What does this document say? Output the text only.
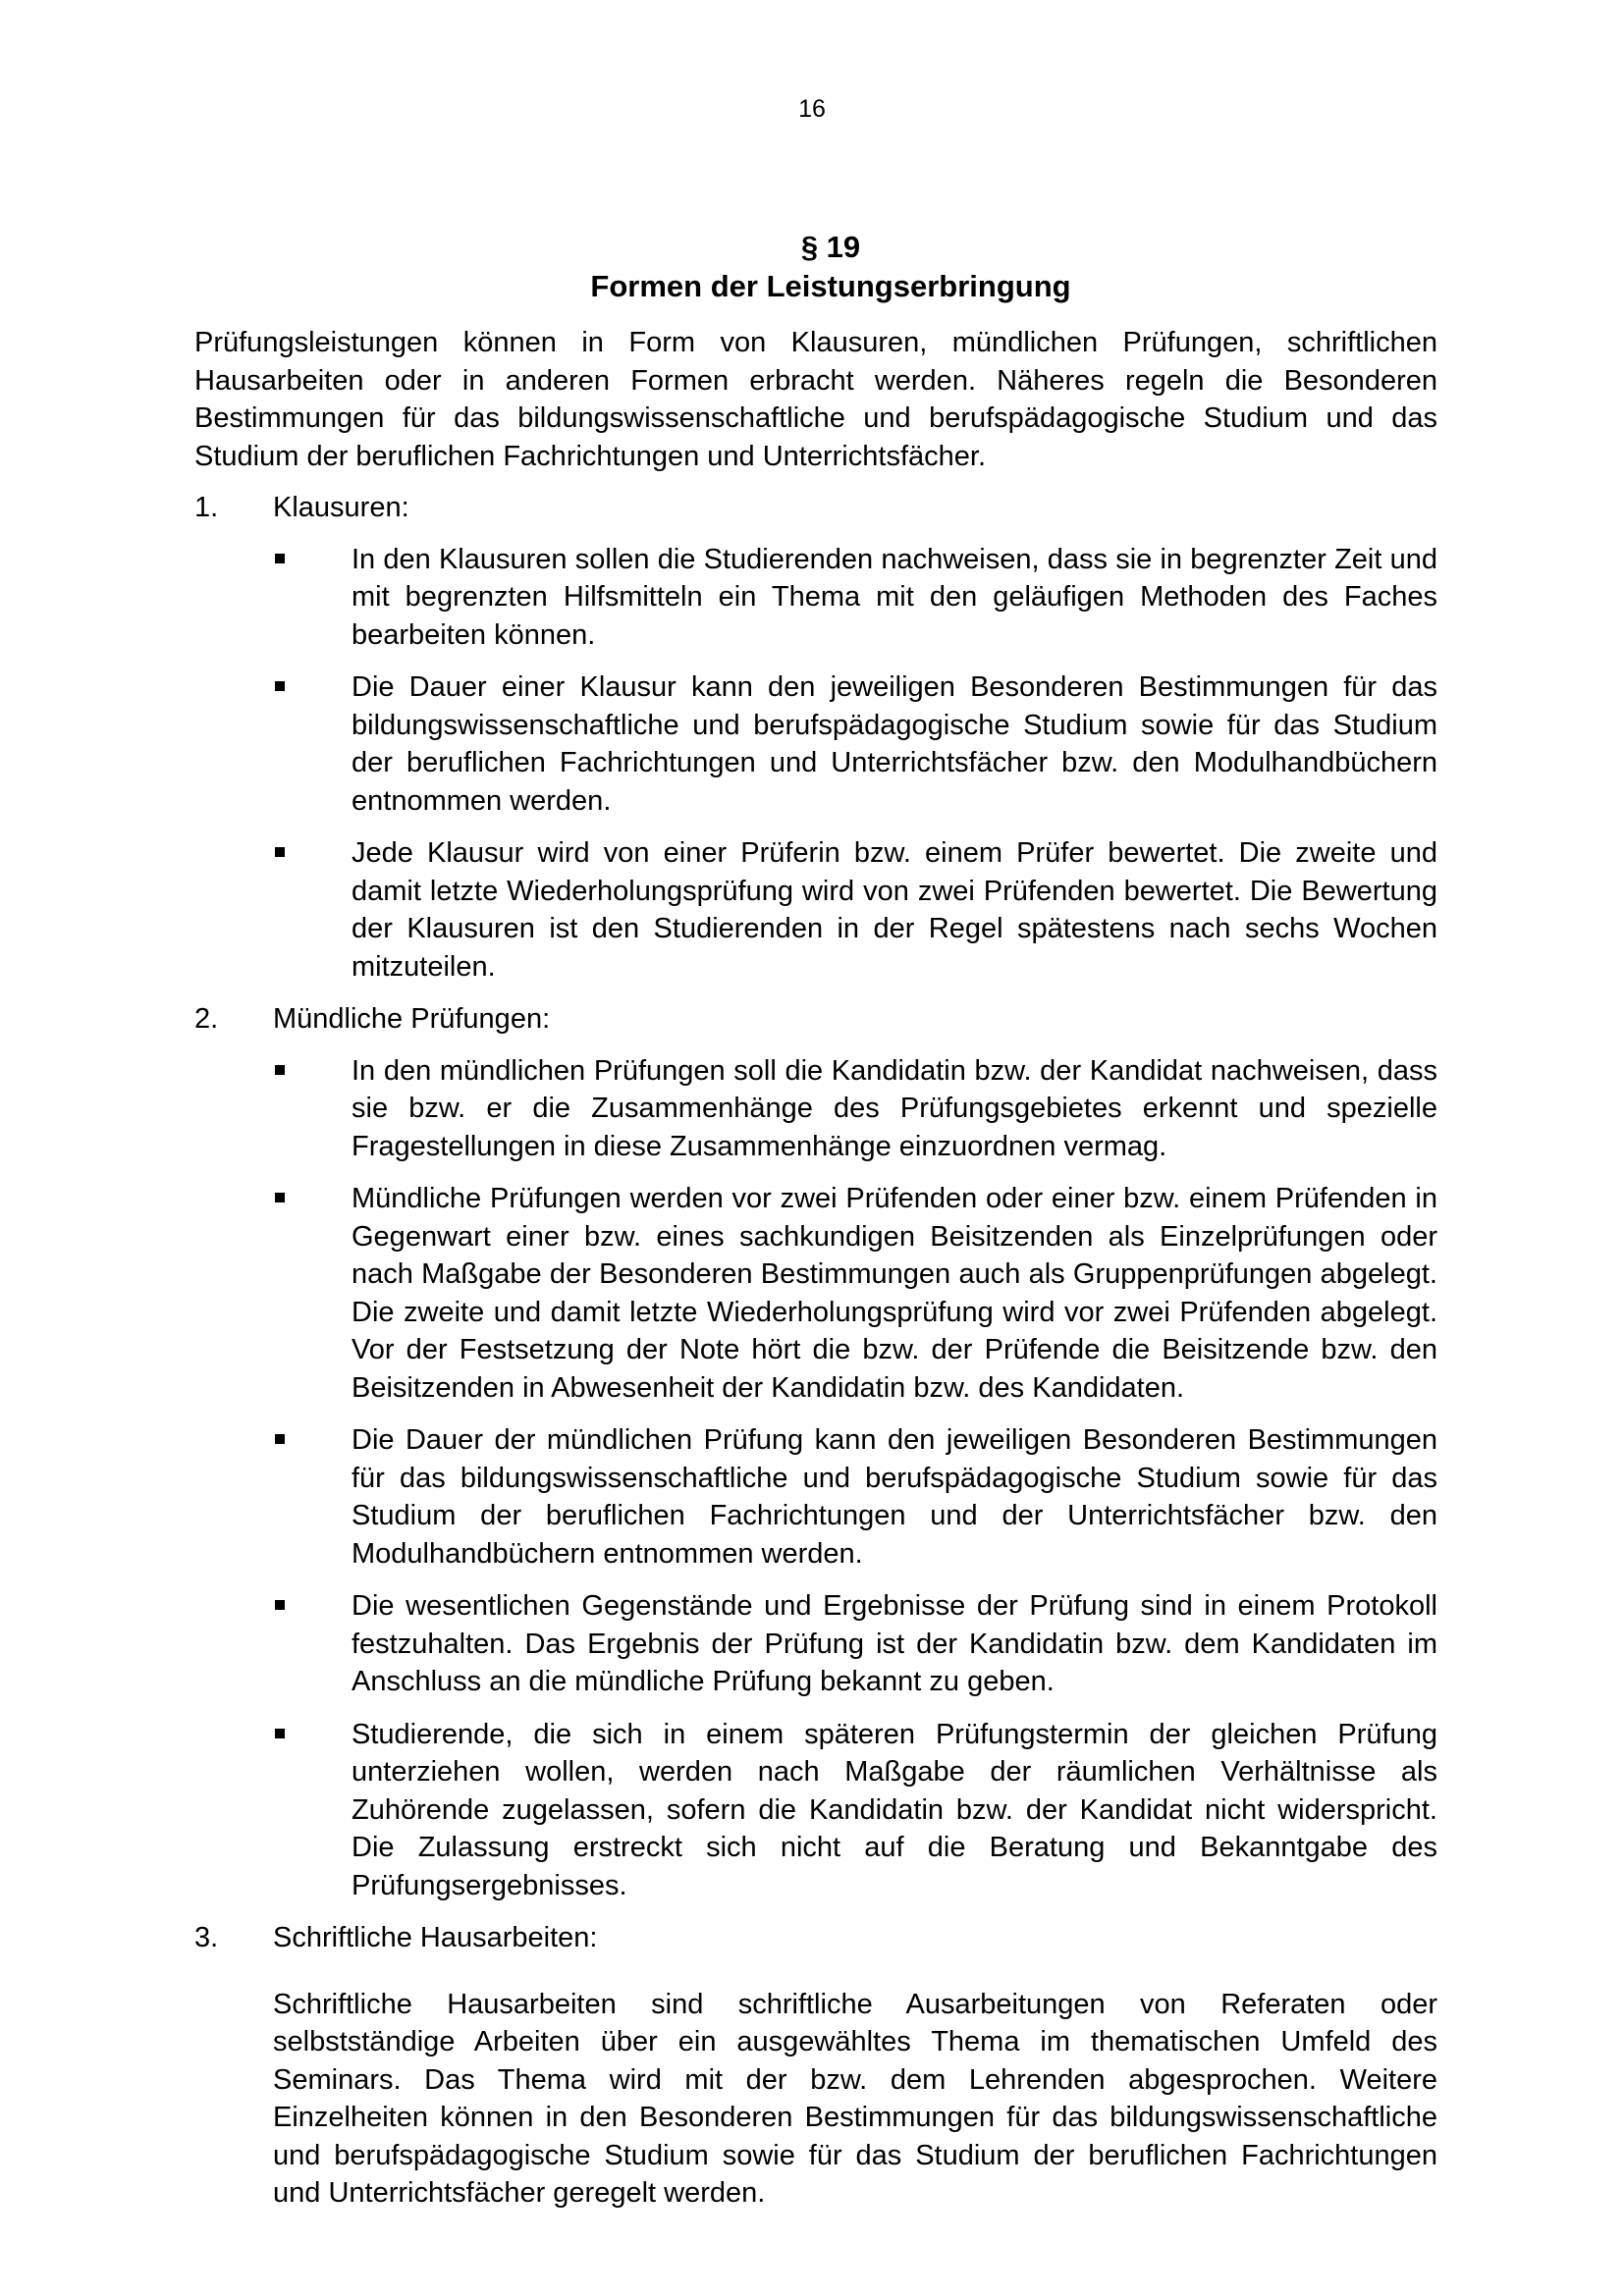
16
§ 19
Formen der Leistungserbringung

Prüfungsleistungen können in Form von Klausuren, mündlichen Prüfungen, schriftlichen Hausarbeiten oder in anderen Formen erbracht werden. Näheres regeln die Besonderen Bestimmungen für das bildungswissenschaftliche und berufspädagogische Studium und das Studium der beruflichen Fachrichtungen und Unterrichtsfächer.

1.	Klausuren:
In den Klausuren sollen die Studierenden nachweisen, dass sie in begrenzter Zeit und mit begrenzten Hilfsmitteln ein Thema mit den geläufigen Methoden des Faches bearbeiten können.
Die Dauer einer Klausur kann den jeweiligen Besonderen Bestimmungen für das bildungswissenschaftliche und berufspädagogische Studium sowie für das Studium der beruflichen Fachrichtungen und Unterrichtsfächer bzw. den Modulhandbüchern entnommen werden.
Jede Klausur wird von einer Prüferin bzw. einem Prüfer bewertet. Die zweite und damit letzte Wiederholungsprüfung wird von zwei Prüfenden bewertet. Die Bewertung der Klausuren ist den Studierenden in der Regel spätestens nach sechs Wochen mitzuteilen.
2.	Mündliche Prüfungen:
In den mündlichen Prüfungen soll die Kandidatin bzw. der Kandidat nachweisen, dass sie bzw. er die Zusammenhänge des Prüfungsgebietes erkennt und spezielle Fragestellungen in diese Zusammenhänge einzuordnen vermag.
Mündliche Prüfungen werden vor zwei Prüfenden oder einer bzw. einem Prüfenden in Gegenwart einer bzw. eines sachkundigen Beisitzenden als Einzelprüfungen oder nach Maßgabe der Besonderen Bestimmungen auch als Gruppenprüfungen abgelegt. Die zweite und damit letzte Wiederholungsprüfung wird vor zwei Prüfenden abgelegt. Vor der Festsetzung der Note hört die bzw. der Prüfende die Beisitzende bzw. den Beisitzenden in Abwesenheit der Kandidatin bzw. des Kandidaten.
Die Dauer der mündlichen Prüfung kann den jeweiligen Besonderen Bestimmungen für das bildungswissenschaftliche und berufspädagogische Studium sowie für das Studium der beruflichen Fachrichtungen und der Unterrichtsfächer bzw. den Modulhandbüchern entnommen werden.
Die wesentlichen Gegenstände und Ergebnisse der Prüfung sind in einem Protokoll festzuhalten. Das Ergebnis der Prüfung ist der Kandidatin bzw. dem Kandidaten im Anschluss an die mündliche Prüfung bekannt zu geben.
Studierende, die sich in einem späteren Prüfungstermin der gleichen Prüfung unterziehen wollen, werden nach Maßgabe der räumlichen Verhältnisse als Zuhörende zugelassen, sofern die Kandidatin bzw. der Kandidat nicht widerspricht. Die Zulassung erstreckt sich nicht auf die Beratung und Bekanntgabe des Prüfungsergebnisses.
3.	Schriftliche Hausarbeiten:

Schriftliche Hausarbeiten sind schriftliche Ausarbeitungen von Referaten oder selbstständige Arbeiten über ein ausgewähltes Thema im thematischen Umfeld des Seminars. Das Thema wird mit der bzw. dem Lehrenden abgesprochen. Weitere Einzelheiten können in den Besonderen Bestimmungen für das bildungswissenschaftliche und berufspädagogische Studium sowie für das Studium der beruflichen Fachrichtungen und Unterrichtsfächer geregelt werden.
